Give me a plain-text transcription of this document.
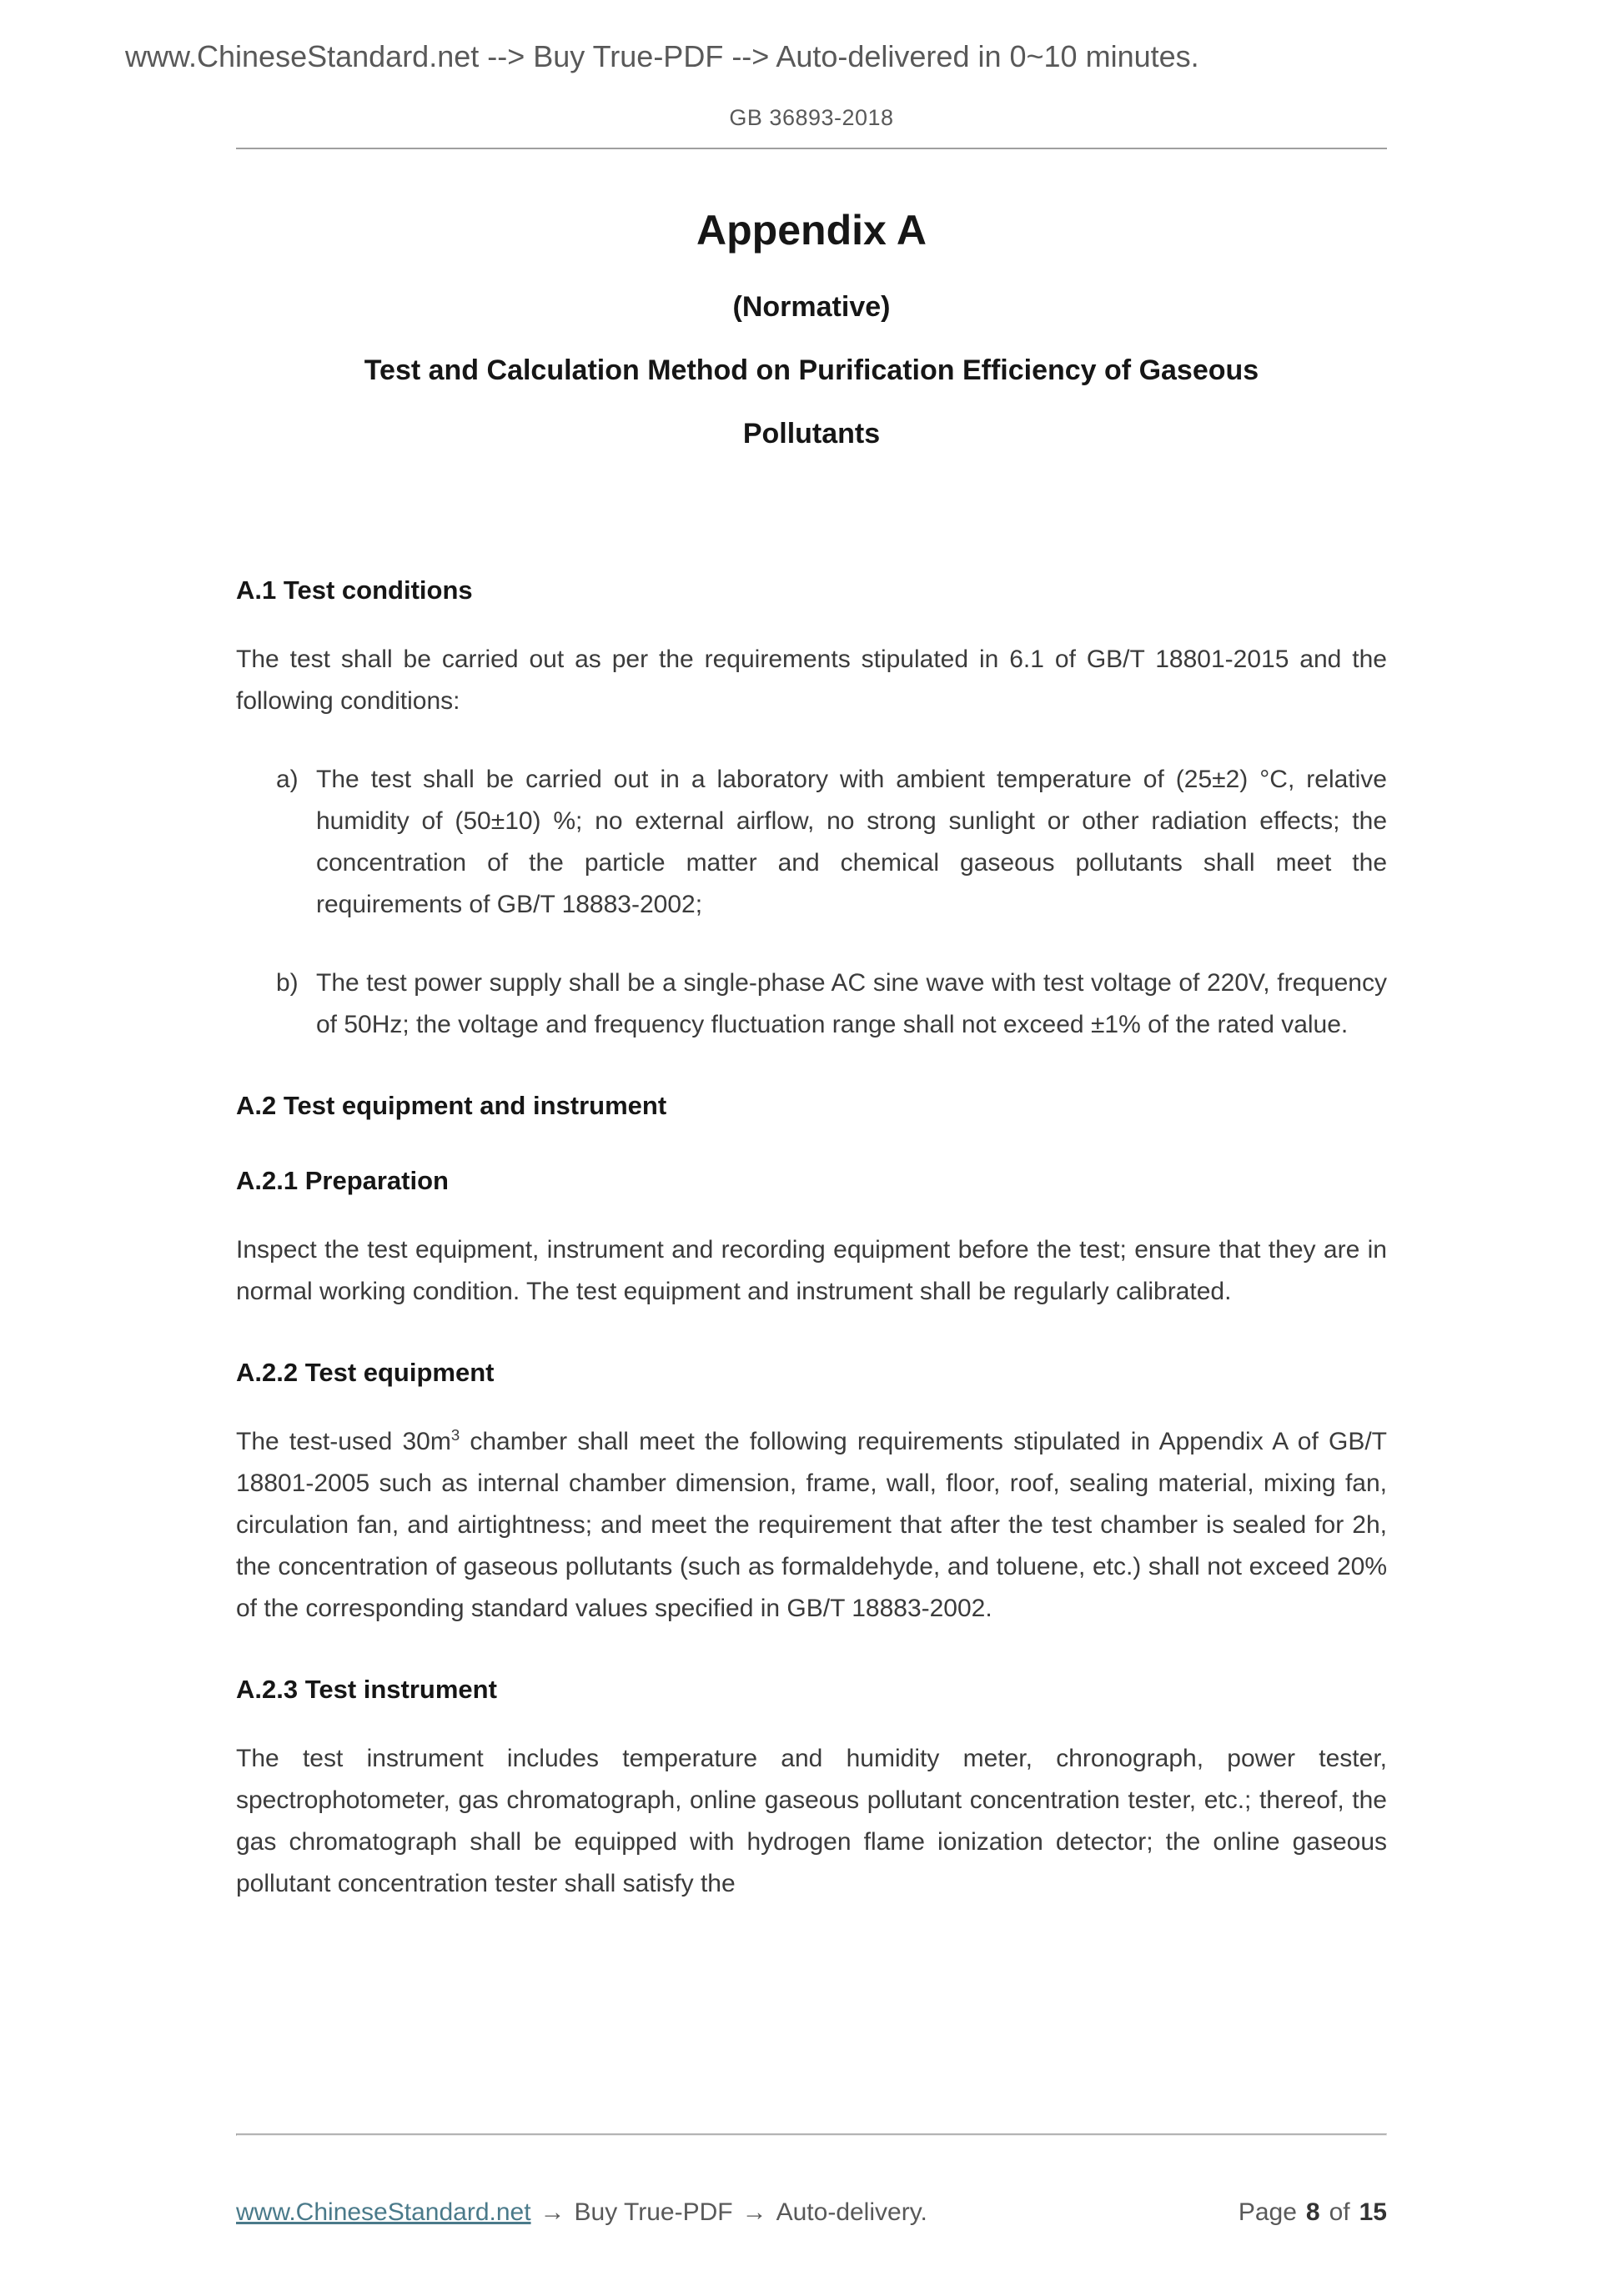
www.ChineseStandard.net --> Buy True-PDF --> Auto-delivered in 0~10 minutes.
GB 36893-2018
Appendix A
(Normative)
Test and Calculation Method on Purification Efficiency of Gaseous
Pollutants
A.1 Test conditions
The test shall be carried out as per the requirements stipulated in 6.1 of GB/T 18801-2015 and the following conditions:
a) The test shall be carried out in a laboratory with ambient temperature of (25±2) °C, relative humidity of (50±10) %; no external airflow, no strong sunlight or other radiation effects; the concentration of the particle matter and chemical gaseous pollutants shall meet the requirements of GB/T 18883-2002;
b) The test power supply shall be a single-phase AC sine wave with test voltage of 220V, frequency of 50Hz; the voltage and frequency fluctuation range shall not exceed ±1% of the rated value.
A.2 Test equipment and instrument
A.2.1 Preparation
Inspect the test equipment, instrument and recording equipment before the test; ensure that they are in normal working condition. The test equipment and instrument shall be regularly calibrated.
A.2.2 Test equipment
The test-used $30m^3$ chamber shall meet the following requirements stipulated in Appendix A of GB/T 18801-2005 such as internal chamber dimension, frame, wall, floor, roof, sealing material, mixing fan, circulation fan, and airtightness; and meet the requirement that after the test chamber is sealed for 2h, the concentration of gaseous pollutants (such as formaldehyde, and toluene, etc.) shall not exceed 20% of the corresponding standard values specified in GB/T 18883-2002.
A.2.3 Test instrument
The test instrument includes temperature and humidity meter, chronograph, power tester, spectrophotometer, gas chromatograph, online gaseous pollutant concentration tester, etc.; thereof, the gas chromatograph shall be equipped with hydrogen flame ionization detector; the online gaseous pollutant concentration tester shall satisfy the
www.ChineseStandard.net → Buy True-PDF → Auto-delivery.	Page 8 of 15
